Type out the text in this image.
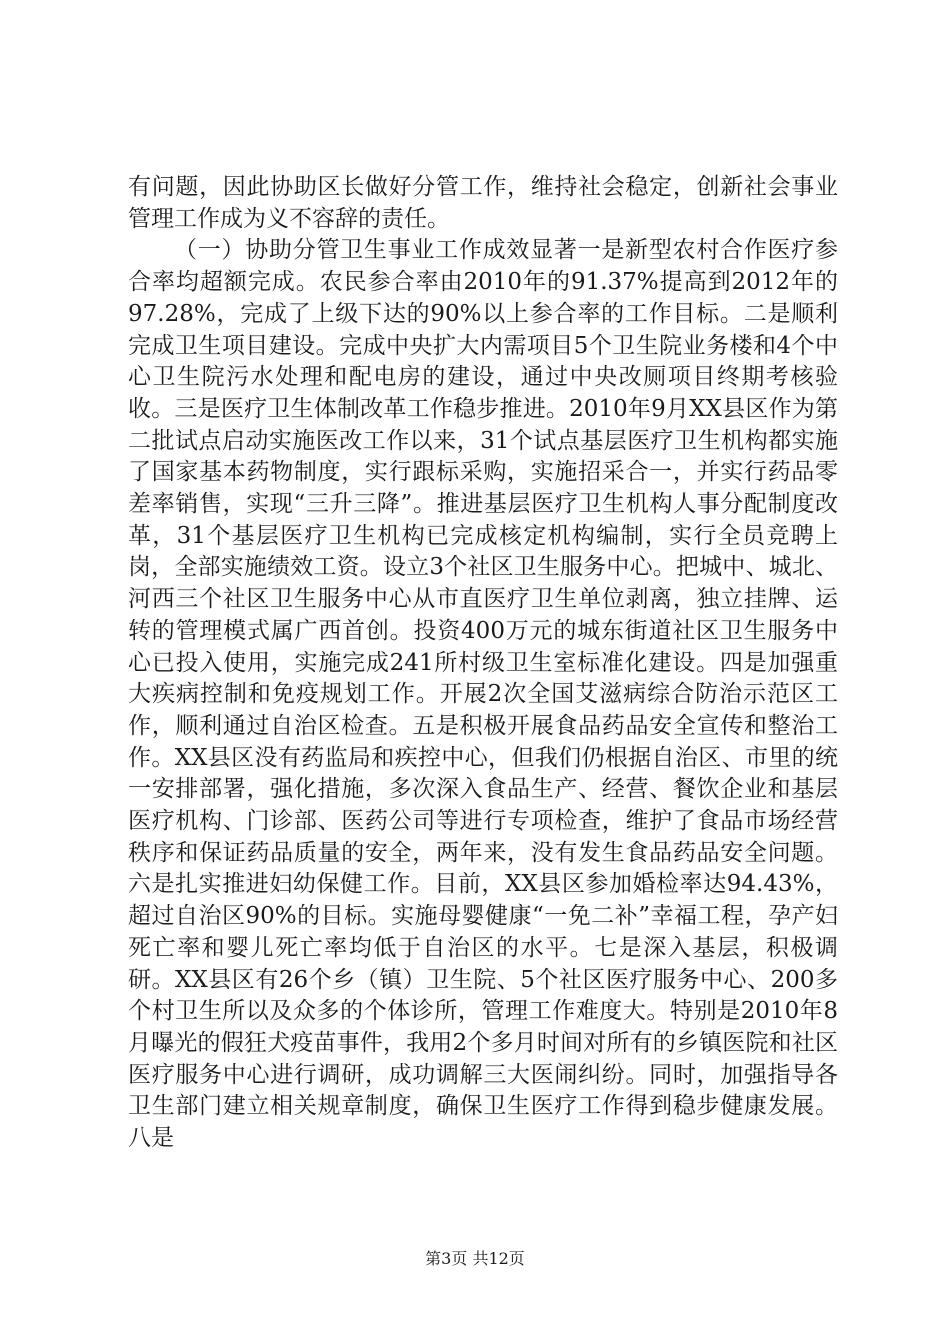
有问题，因此协助区长做好分管工作，维持社会稳定，创新社会事业管理工作成为义不容辞的责任。

（一）协助分管卫生事业工作成效显著一是新型农村合作医疗参合率均超额完成。农民参合率由2010年的91.37%提高到2012年的97.28%，完成了上级下达的90%以上参合率的工作目标。二是顺利完成卫生项目建设。完成中央扩大内需项目5个卫生院业务楼和4个中心卫生院污水处理和配电房的建设，通过中央改厕项目终期考核验收。三是医疗卫生体制改革工作稳步推进。2010年9月XX县区作为第二批试点启动实施医改工作以来，31个试点基层医疗卫生机构都实施了国家基本药物制度，实行跟标采购，实施招采合一，并实行药品零差率销售，实现“三升三降”。推进基层医疗卫生机构人事分配制度改革，31个基层医疗卫生机构已完成核定机构编制，实行全员竞聘上岗，全部实施绩效工资。设立3个社区卫生服务中心。把城中、城北、河西三个社区卫生服务中心从市直医疗卫生单位剥离，独立挂牌、运转的管理模式属广西首创。投资400万元的城东街道社区卫生服务中心已投入使用，实施完成241所村级卫生室标准化建设。四是加强重大疾病控制和免疫规划工作。开展2次全国艾滋病综合防治示范区工作，顺利通过自治区检查。五是积极开展食品药品安全宣传和整治工作。XX县区没有药监局和疾控中心，但我们仍根据自治区、市里的统一安排部署，强化措施，多次深入食品生产、经营、餐饮企业和基层医疗机构、门诊部、医药公司等进行专项检查，维护了食品市场经营秩序和保证药品质量的安全，两年来，没有发生食品药品安全问题。六是扎实推进妇幼保健工作。目前，XX县区参加婚检率达94.43%，超过自治区90%的目标。实施母婴健康“一免二补”幸福工程，孕产妇死亡率和婴儿死亡率均低于自治区的水平。七是深入基层，积极调研。XX县区有26个乡（镇）卫生院、5个社区医疗服务中心、200多个村卫生所以及众多的个体诊所，管理工作难度大。特别是2010年8月曝光的假狂犬疫苗事件，我用2个多月时间对所有的乡镇医院和社区医疗服务中心进行调研，成功调解三大医闹纠纷。同时，加强指导各卫生部门建立相关规章制度，确保卫生医疗工作得到稳步健康发展。八是

第3页 共12页
